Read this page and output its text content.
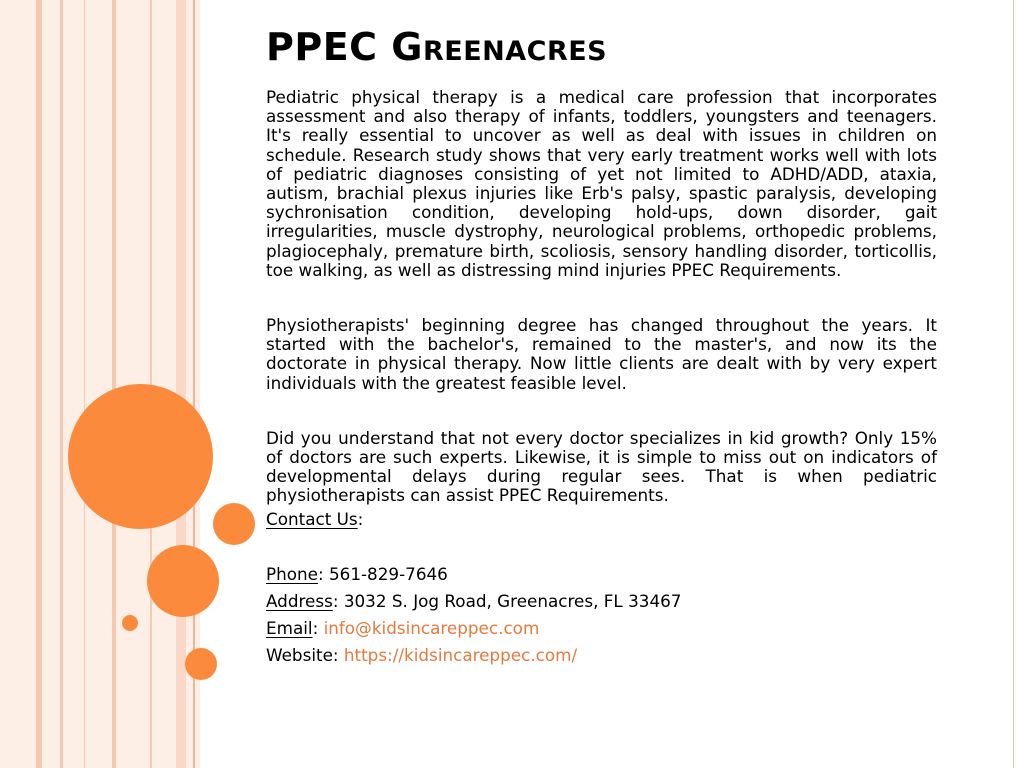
PPEC Greenacres

Pediatric physical therapy is a medical care profession that incorporates assessment and also therapy of infants, toddlers, youngsters and teenagers. It's really essential to uncover as well as deal with issues in children on schedule. Research study shows that very early treatment works well with lots of pediatric diagnoses consisting of yet not limited to ADHD/ADD, ataxia, autism, brachial plexus injuries like Erb's palsy, spastic paralysis, developing sychronisation condition, developing hold-ups, down disorder, gait irregularities, muscle dystrophy, neurological problems, orthopedic problems, plagiocephaly, premature birth, scoliosis, sensory handling disorder, torticollis, toe walking, as well as distressing mind injuries PPEC Requirements.

Physiotherapists' beginning degree has changed throughout the years. It started with the bachelor's, remained to the master's, and now its the doctorate in physical therapy. Now little clients are dealt with by very expert individuals with the greatest feasible level.

Did you understand that not every doctor specializes in kid growth? Only 15% of doctors are such experts. Likewise, it is simple to miss out on indicators of developmental delays during regular sees. That is when pediatric physiotherapists can assist PPEC Requirements.

Contact Us:

Phone: 561-829-7646

Address: 3032 S. Jog Road, Greenacres, FL 33467

Email: info@kidsincareppec.com

Website: https://kidsincareppec.com/
